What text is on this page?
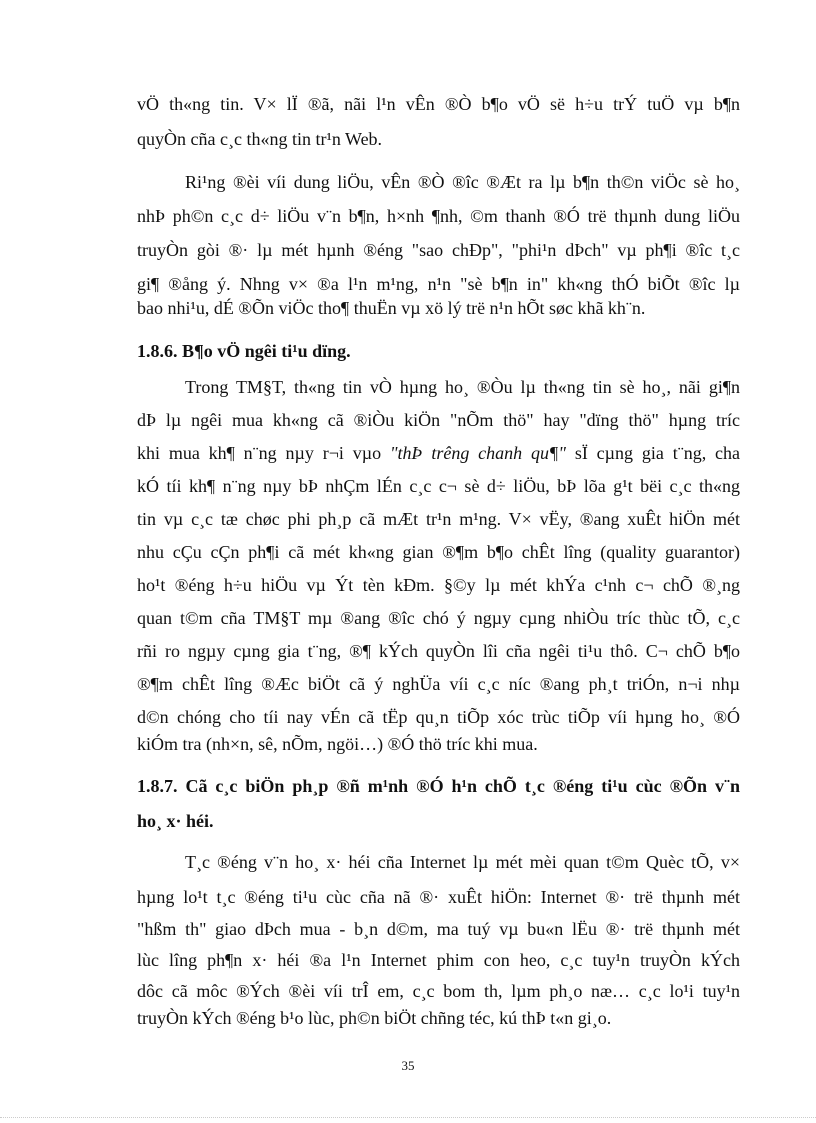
vÖ th«ng tin. V× lÏ ®ã, nãi l¹n vÊn ®Ò b¶o vÖ së h÷u trÝ tuÖ vµ b¶n
quyÒn cña c¸c th«ng tin tr¹n Web.
Ri¹ng ®èi víi dung liÖu, vÊn ®Ò ®îc ®Æt ra lµ b¶n th©n viÖc sè ho¸
nhÞ ph©n c¸c d÷ liÖu v¨n b¶n, h×nh ¶nh, ©m thanh ®Ó trë thµnh dung liÖu
truyÒn gòi ®· lµ mét hµnh ®éng "sao chÐp", "phi¹n dÞch" vµ ph¶i ®îc t¸c
gi¶ ®ång ý. Nhng v× ®a l¹n m¹ng, n¹n "sè b¶n in" kh«ng thÓ biÕt ®îc lµ
bao nhi¹u, dÉ ®Õn viÖc tho¶ thuËn vµ xö lý trë n¹n hÕt søc khã kh¨n.
1.8.6. B¶o vÖ ngêi ti¹u dïng.
Trong TM§T, th«ng tin vÒ hµng ho¸ ®Òu lµ th«ng tin sè ho¸, nãi gi¶n
dÞ lµ ngêi mua kh«ng cã ®iÒu kiÖn "nÕm thö" hay "dïng thö" hµng tríc
khi mua kh¶ n¨ng nµy r¬i vµo "thÞ trêng chanh qu¶" sÏ cµng gia t¨ng, cha
kÓ tíi kh¶ n¨ng nµy bÞ nhÇm lÉn c¸c c¬ sè d÷ liÖu, bÞ lõa g¹t bëi c¸c th«ng
tin vµ c¸c tæ chøc phi ph¸p cã mÆt tr¹n m¹ng. V× vËy, ®ang xuÊt hiÖn mét
nhu cÇu cÇn ph¶i cã mét kh«ng gian ®¶m b¶o chÊt lîng (quality guarantor)
ho¹t ®éng h÷u hiÖu vµ Ýt tèn kÐm. §©y lµ mét khÝa c¹nh c¬ chÕ ®¸ng
quan t©m cña TM§T mµ ®ang ®îc chó ý ngµy cµng nhiÒu tríc thùc tÕ, c¸c
rñi ro ngµy cµng gia t¨ng, ®¶ kÝch quyÒn lîi cña ngêi ti¹u thô. C¬ chÕ b¶o
®¶m chÊt lîng ®Æc biÖt cã ý nghÜa víi c¸c níc ®ang ph¸t triÓn, n¬i nhµ
d©n chóng cho tíi nay vÉn cã tËp qu¸n tiÕp xóc trùc tiÕp víi hµng ho¸ ®Ó
kiÓm tra (nh×n, sê, nÕm, ngöi…) ®Ó thö tríc khi mua.
1.8.7. Cã c¸c biÖn ph¸p ®ñ m¹nh ®Ó h¹n chÕ t¸c ®éng ti¹u cùc ®Õn v¨n
ho¸ x· héi.
T¸c ®éng v¨n ho¸ x· héi cña Internet lµ mét mèi quan t©m Quèc tÕ, v×
hµng lo¹t t¸c ®éng ti¹u cùc cña nã ®· xuÊt hiÖn: Internet ®· trë thµnh mét
"hßm th" giao dÞch mua - b¸n d©m, ma tuý vµ bu«n lËu ®· trë thµnh mét
lùc lîng ph¶n x· héi ®a l¹n Internet phim con heo, c¸c tuy¹n truyÒn kÝch
dôc cã môc ®Ých ®èi víi trÎ em, c¸c bom th, lµm ph¸o næ… c¸c lo¹i tuy¹n
truyÒn kÝch ®éng b¹o lùc, ph©n biÖt chñng téc, kú thÞ t«n gi¸o.
35
